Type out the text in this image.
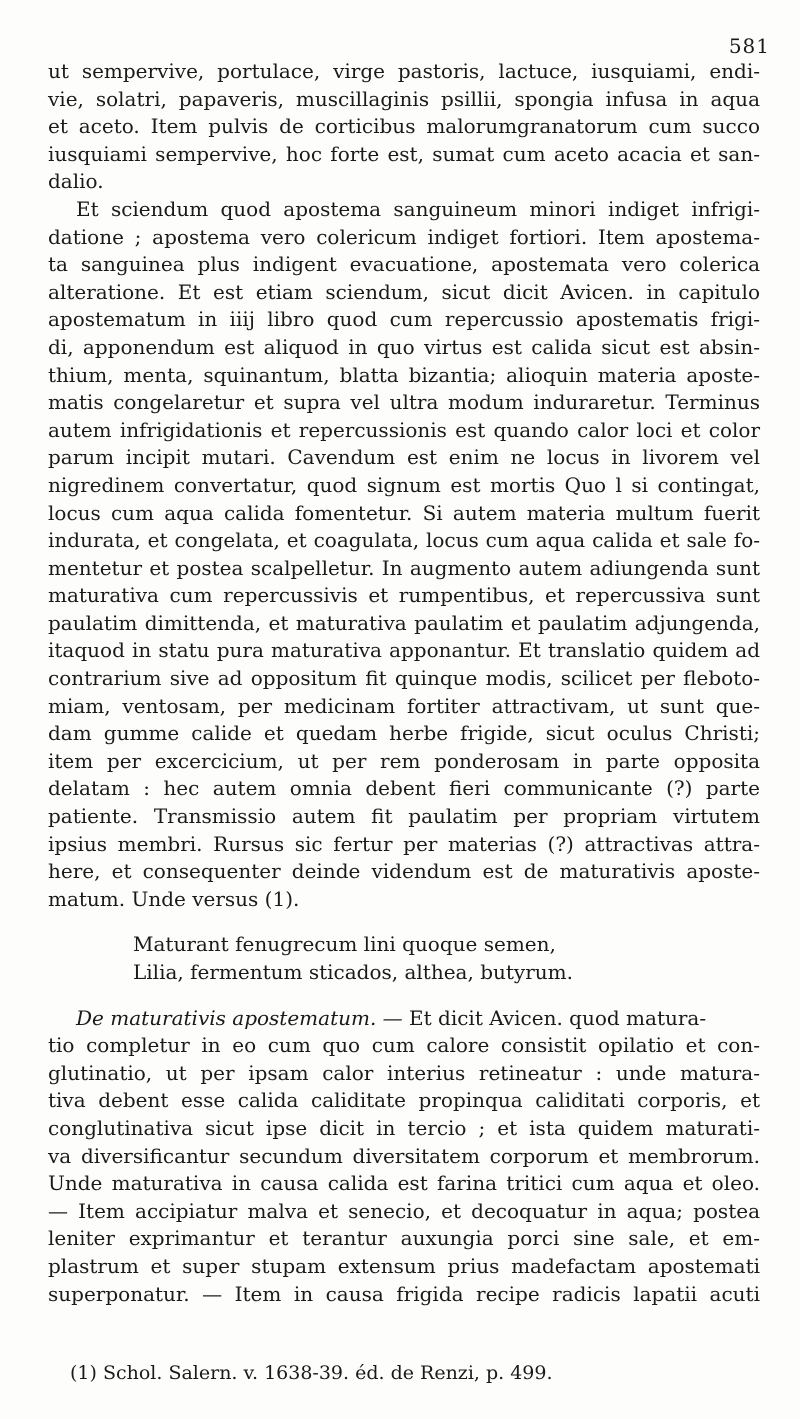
581
ut sempervive, portulace, virge pastoris, lactuce, iusquiami, endi-
vie, solatri, papaveris, muscillaginis psillii, spongia infusa in aqua
et aceto. Item pulvis de corticibus malorumgranatorum cum succo
iusquiami sempervive, hoc forte est, sumat cum aceto acacia et san-
dalio.
Et sciendum quod apostema sanguineum minori indiget infrigi-
datione ; apostema vero colericum indiget fortiori. Item apostema-
ta sanguinea plus indigent evacuatione, apostemata vero colerica
alteratione. Et est etiam sciendum, sicut dicit Avicen. in capitulo
apostematum in iiij libro quod cum repercussio apostematis frigi-
di, apponendum est aliquod in quo virtus est calida sicut est absin-
thium, menta, squinantum, blatta bizantia; alioquin materia aposte-
matis congelaretur et supra vel ultra modum induraretur. Terminus
autem infrigidationis et repercussionis est quando calor loci et color
parum incipit mutari. Cavendum est enim ne locus in livorem vel
nigredinem convertatur, quod signum est mortis Quo l si contingat,
locus cum aqua calida fomentetur. Si autem materia multum fuerit
indurata, et congelata, et coagulata, locus cum aqua calida et sale fo-
mentetur et postea scalpelletur. In augmento autem adiungenda sunt
maturativa cum repercussivis et rumpentibus, et repercussiva sunt
paulatim dimittenda, et maturativa paulatim et paulatim adjungenda,
itaquod in statu pura maturativa apponantur. Et translatio quidem ad
contrarium sive ad oppositum fit quinque modis, scilicet per fleboto-
miam, ventosam, per medicinam fortiter attractivam, ut sunt que-
dam gumme calide et quedam herbe frigide, sicut oculus Christi;
item per excercicium, ut per rem ponderosam in parte opposita
delatam : hec autem omnia debent fieri communicante (?) parte
patiente. Transmissio autem fit paulatim per propriam virtutem
ipsius membri. Rursus sic fertur per materias (?) attractivas attra-
here, et consequenter deinde videndum est de maturativis aposte-
matum. Unde versus (1).
Maturant fenugrecum lini quoque semen,
Lilia, fermentum sticados, althea, butyrum.
De maturativis apostematum. — Et dicit Avicen. quod matura-
tio completur in eo cum quo cum calore consistit opilatio et con-
glutinatio, ut per ipsam calor interius retineatur : unde matura-
tiva debent esse calida caliditate propinqua caliditati corporis, et
conglutinativa sicut ipse dicit in tercio ; et ista quidem maturati-
va diversificantur secundum diversitatem corporum et membrorum.
Unde maturativa in causa calida est farina tritici cum aqua et oleo.
— Item accipiatur malva et senecio, et decoquatur in aqua; postea
leniter exprimantur et terantur auxungia porci sine sale, et em-
plastrum et super stupam extensum prius madefactam apostemati
superponatur. — Item in causa frigida recipe radicis lapatii acuti
(1) Schol. Salern. v. 1638-39. éd. de Renzi, p. 499.
